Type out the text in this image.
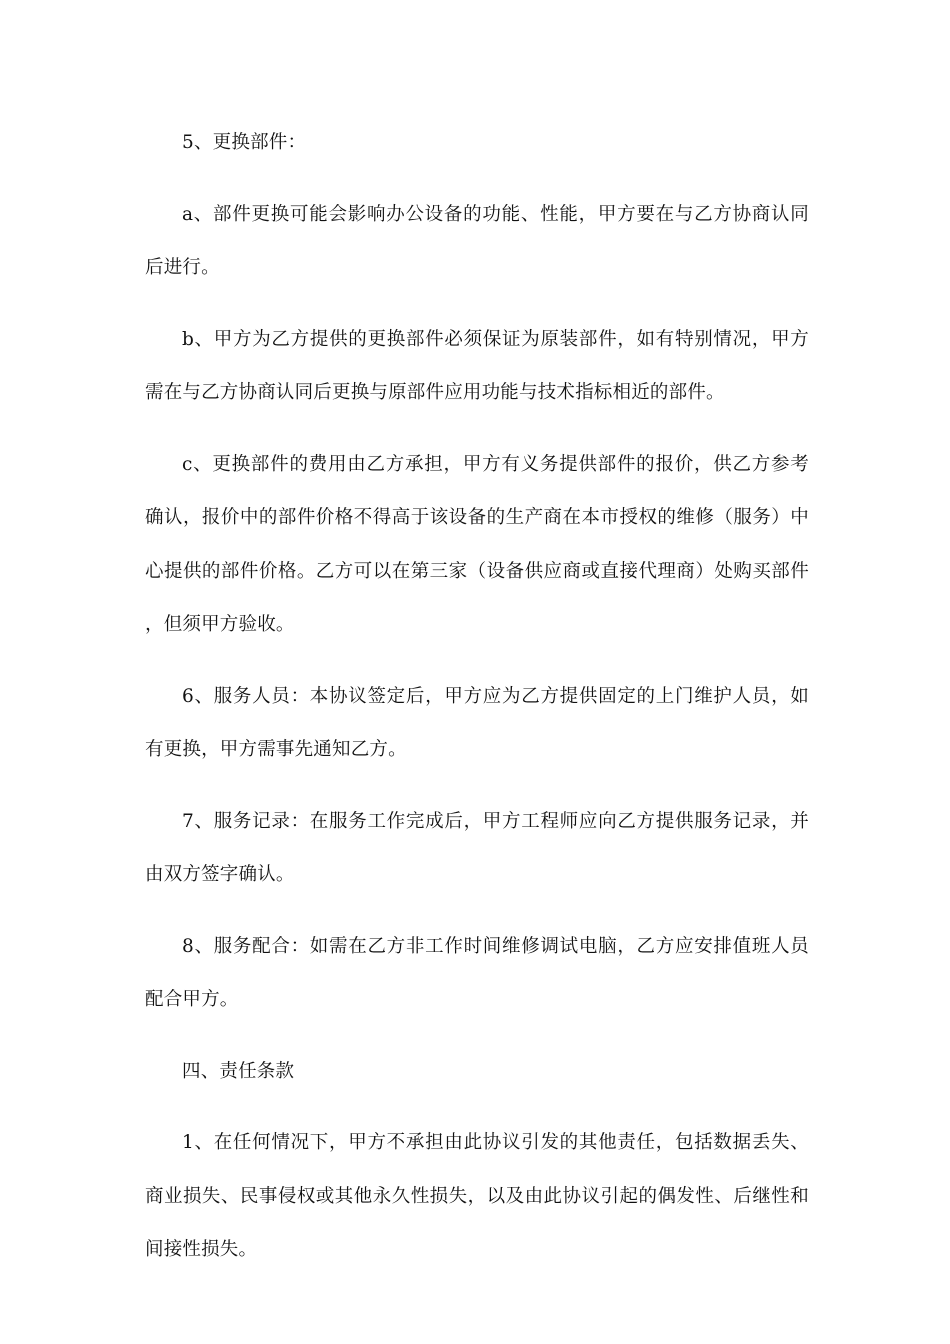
5、更换部件：

a、部件更换可能会影响办公设备的功能、性能，甲方要在与乙方协商认同后进行。

b、甲方为乙方提供的更换部件必须保证为原装部件，如有特别情况，甲方需在与乙方协商认同后更换与原部件应用功能与技术指标相近的部件。

c、更换部件的费用由乙方承担，甲方有义务提供部件的报价，供乙方参考确认，报价中的部件价格不得高于该设备的生产商在本市授权的维修（服务）中心提供的部件价格。乙方可以在第三家（设备供应商或直接代理商）处购买部件，但须甲方验收。

6、服务人员：本协议签定后，甲方应为乙方提供固定的上门维护人员，如有更换，甲方需事先通知乙方。

7、服务记录：在服务工作完成后，甲方工程师应向乙方提供服务记录，并由双方签字确认。

8、服务配合：如需在乙方非工作时间维修调试电脑，乙方应安排值班人员配合甲方。

四、责任条款

1、在任何情况下，甲方不承担由此协议引发的其他责任，包括数据丢失、商业损失、民事侵权或其他永久性损失，以及由此协议引起的偶发性、后继性和间接性损失。
